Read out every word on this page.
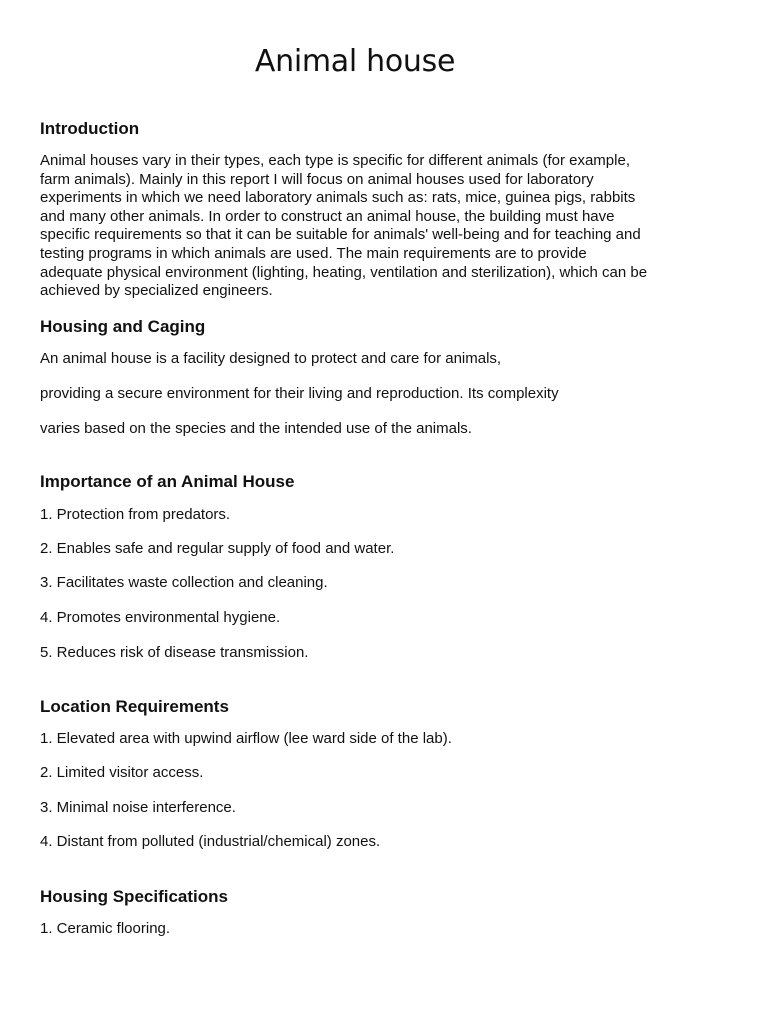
Animal house
Introduction
Animal houses vary in their types, each type is specific for different animals (for example,
farm animals). Mainly in this report I will focus on animal houses used for laboratory
experiments in which we need laboratory animals such as: rats, mice, guinea pigs, rabbits
and many other animals. In order to construct an animal house, the building must have
specific requirements so that it can be suitable for animals' well-being and for teaching and
testing programs in which animals are used. The main requirements are to provide
adequate physical environment (lighting, heating, ventilation and sterilization), which can be
achieved by specialized engineers.
Housing and Caging

An animal house is a facility designed to protect and care for animals,

providing a secure environment for their living and reproduction. Its complexity

varies based on the species and the intended use of the animals.

Importance of an Animal House

1. Protection from predators.

2. Enables safe and regular supply of food and water.

3. Facilitates waste collection and cleaning.

4. Promotes environmental hygiene.

5. Reduces risk of disease transmission.

Location Requirements

1. Elevated area with upwind airflow (lee ward side of the lab).

2. Limited visitor access.

3. Minimal noise interference.

4. Distant from polluted (industrial/chemical) zones.

Housing Specifications

1. Ceramic flooring.
